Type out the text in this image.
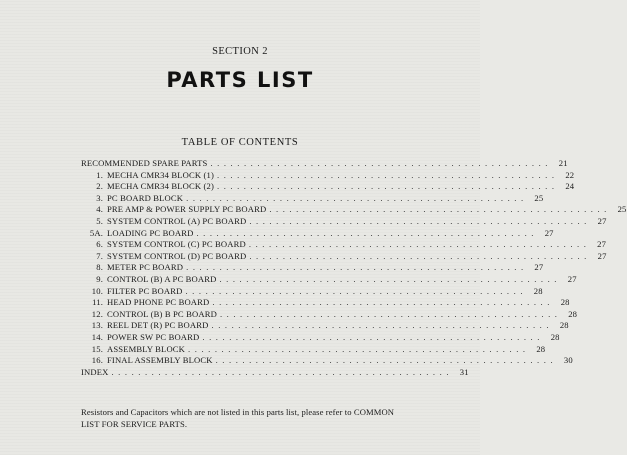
SECTION 2
PARTS LIST
TABLE OF CONTENTS
RECOMMENDED SPARE PARTS . . . . . . . . . . . . . . . . . . . . . . . . . . . . . . . . . . . . . . . . . . . . . . . . . . .	21
1. MECHA CMR34 BLOCK (1) . . . . . . . . . . . . . . . . . . . . . . . . . . . . . . . . . . . . . . . . . . . . . . . . . . .	22
2. MECHA CMR34 BLOCK (2) . . . . . . . . . . . . . . . . . . . . . . . . . . . . . . . . . . . . . . . . . . . . . . . . . . .	24
3. PC BOARD BLOCK . . . . . . . . . . . . . . . . . . . . . . . . . . . . . . . . . . . . . . . . . . . . . . . . . . .	25
4. PRE AMP & POWER SUPPLY PC BOARD . . . . . . . . . . . . . . . . . . . . . . . . . . . . . . . . . . . . . . . . . . . . . . . . . . .	25
5. SYSTEM CONTROL (A) PC BOARD . . . . . . . . . . . . . . . . . . . . . . . . . . . . . . . . . . . . . . . . . . . . . . . . . . .	27
5A. LOADING PC BOARD . . . . . . . . . . . . . . . . . . . . . . . . . . . . . . . . . . . . . . . . . . . . . . . . . . .	27
6. SYSTEM CONTROL (C) PC BOARD . . . . . . . . . . . . . . . . . . . . . . . . . . . . . . . . . . . . . . . . . . . . . . . . . . .	27
7. SYSTEM CONTROL (D) PC BOARD . . . . . . . . . . . . . . . . . . . . . . . . . . . . . . . . . . . . . . . . . . . . . . . . . . .	27
8. METER PC BOARD . . . . . . . . . . . . . . . . . . . . . . . . . . . . . . . . . . . . . . . . . . . . . . . . . . .	27
9. CONTROL (B) A PC BOARD . . . . . . . . . . . . . . . . . . . . . . . . . . . . . . . . . . . . . . . . . . . . . . . . . . .	27
10. FILTER PC BOARD . . . . . . . . . . . . . . . . . . . . . . . . . . . . . . . . . . . . . . . . . . . . . . . . . . .	28
11. HEAD PHONE PC BOARD . . . . . . . . . . . . . . . . . . . . . . . . . . . . . . . . . . . . . . . . . . . . . . . . . . .	28
12. CONTROL (B) B PC BOARD . . . . . . . . . . . . . . . . . . . . . . . . . . . . . . . . . . . . . . . . . . . . . . . . . . .	28
13. REEL DET (R) PC BOARD . . . . . . . . . . . . . . . . . . . . . . . . . . . . . . . . . . . . . . . . . . . . . . . . . . .	28
14. POWER SW PC BOARD . . . . . . . . . . . . . . . . . . . . . . . . . . . . . . . . . . . . . . . . . . . . . . . . . . .	28
15. ASSEMBLY BLOCK . . . . . . . . . . . . . . . . . . . . . . . . . . . . . . . . . . . . . . . . . . . . . . . . . . .	28
16. FINAL ASSEMBLY BLOCK . . . . . . . . . . . . . . . . . . . . . . . . . . . . . . . . . . . . . . . . . . . . . . . . . . .	30
INDEX . . . . . . . . . . . . . . . . . . . . . . . . . . . . . . . . . . . . . . . . . . . . . . . . . . .	31
Resistors and Capacitors which are not listed in this parts list, please refer to COMMON LIST FOR SERVICE PARTS.
